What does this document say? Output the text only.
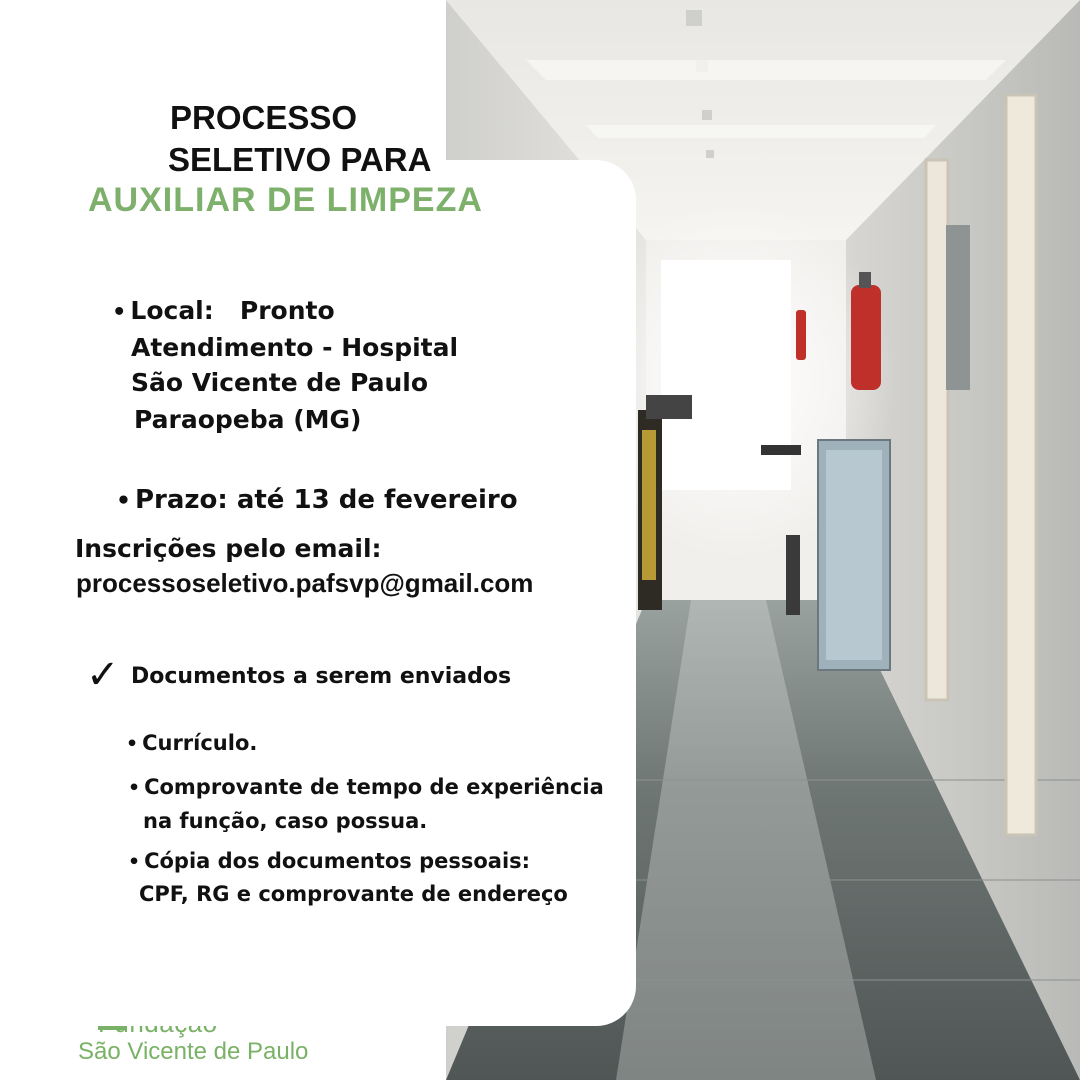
São Vicente de Paulo
PROCESSO
SELETIVO PARA
AUXILIAR DE LIMPEZA
• Local: Pronto
Atendimento - Hospital
São Vicente de Paulo
Paraopeba (MG)
• Prazo: até 13 de fevereiro
Inscrições pelo email:
processoseletivo.pafsvp@gmail.com
✓ Documentos a serem enviados
• Currículo.
• Comprovante de tempo de experiência
na função, caso possua.
• Cópia dos documentos pessoais:
CPF, RG e comprovante de endereço
